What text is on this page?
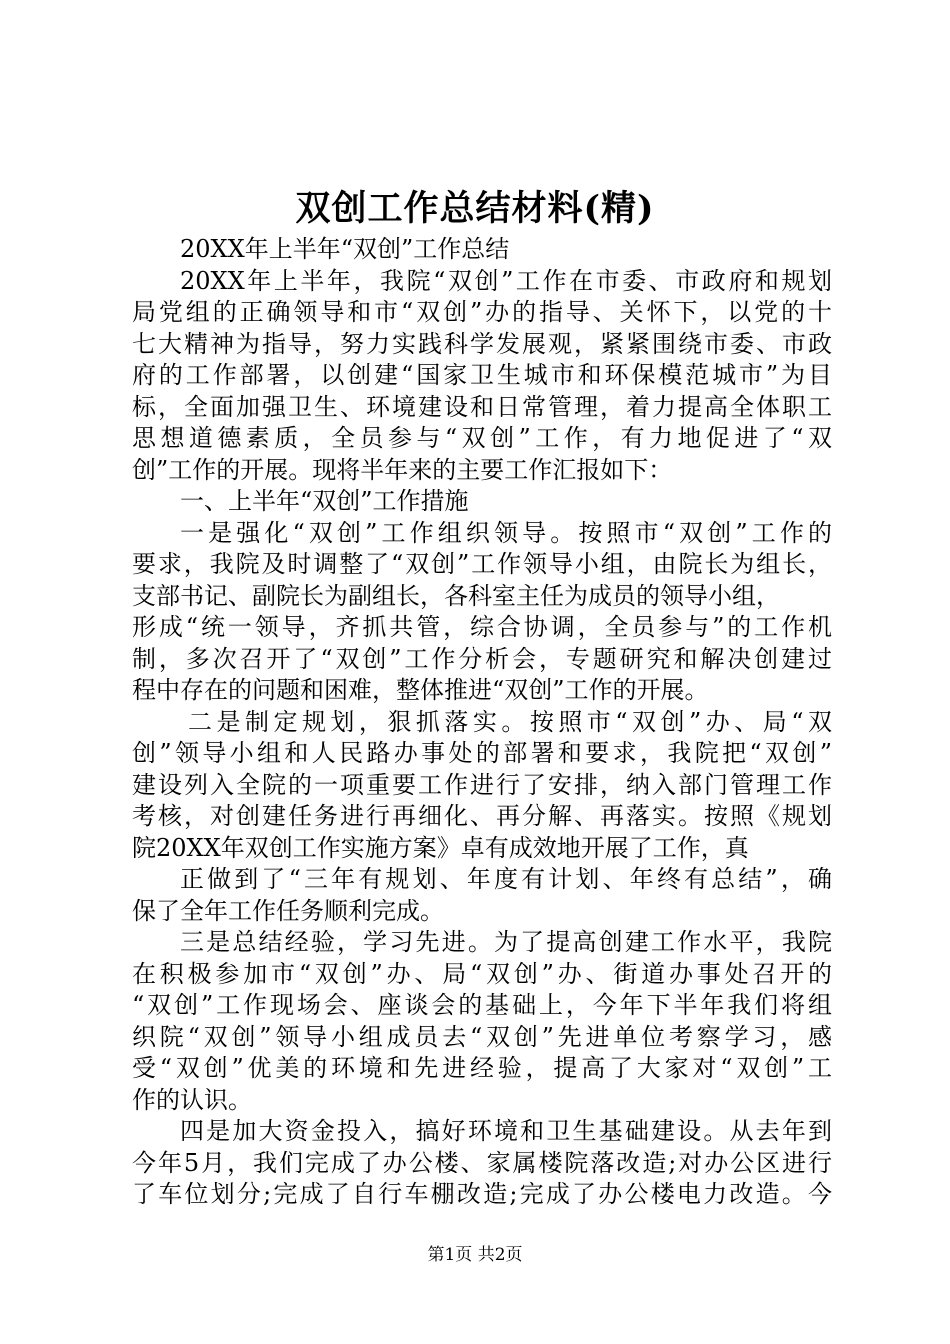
双创工作总结材料(精)
20XX年上半年“双创”工作总结
20XX年上半年，我院“双创”工作在市委、市政府和规划
局党组的正确领导和市“双创”办的指导、关怀下，以党的十
七大精神为指导，努力实践科学发展观，紧紧围绕市委、市政
府的工作部署，以创建“国家卫生城市和环保模范城市”为目
标，全面加强卫生、环境建设和日常管理，着力提高全体职工
思想道德素质，全员参与“双创”工作，有力地促进了“双
创”工作的开展。现将半年来的主要工作汇报如下：
一、上半年“双创”工作措施
一是强化“双创”工作组织领导。按照市“双创”工作的
要求，我院及时调整了“双创”工作领导小组，由院长为组长，
支部书记、副院长为副组长，各科室主任为成员的领导小组，
形成“统一领导，齐抓共管，综合协调，全员参与”的工作机
制，多次召开了“双创”工作分析会，专题研究和解决创建过
程中存在的问题和困难，整体推进“双创”工作的开展。
二是制定规划，狠抓落实。按照市“双创”办、局“双
创”领导小组和人民路办事处的部署和要求，我院把“双创”
建设列入全院的一项重要工作进行了安排，纳入部门管理工作
考核，对创建任务进行再细化、再分解、再落实。按照《规划
院20XX年双创工作实施方案》卓有成效地开展了工作，真
正做到了“三年有规划、年度有计划、年终有总结”，确
保了全年工作任务顺利完成。
三是总结经验，学习先进。为了提高创建工作水平，我院
在积极参加市“双创”办、局“双创”办、街道办事处召开的
“双创”工作现场会、座谈会的基础上，今年下半年我们将组
织院“双创”领导小组成员去“双创”先进单位考察学习，感
受“双创”优美的环境和先进经验，提高了大家对“双创”工
作的认识。
四是加大资金投入，搞好环境和卫生基础建设。从去年到
今年5月，我们完成了办公楼、家属楼院落改造;对办公区进行
了车位划分;完成了自行车棚改造;完成了办公楼电力改造。今
第1页 共2页
